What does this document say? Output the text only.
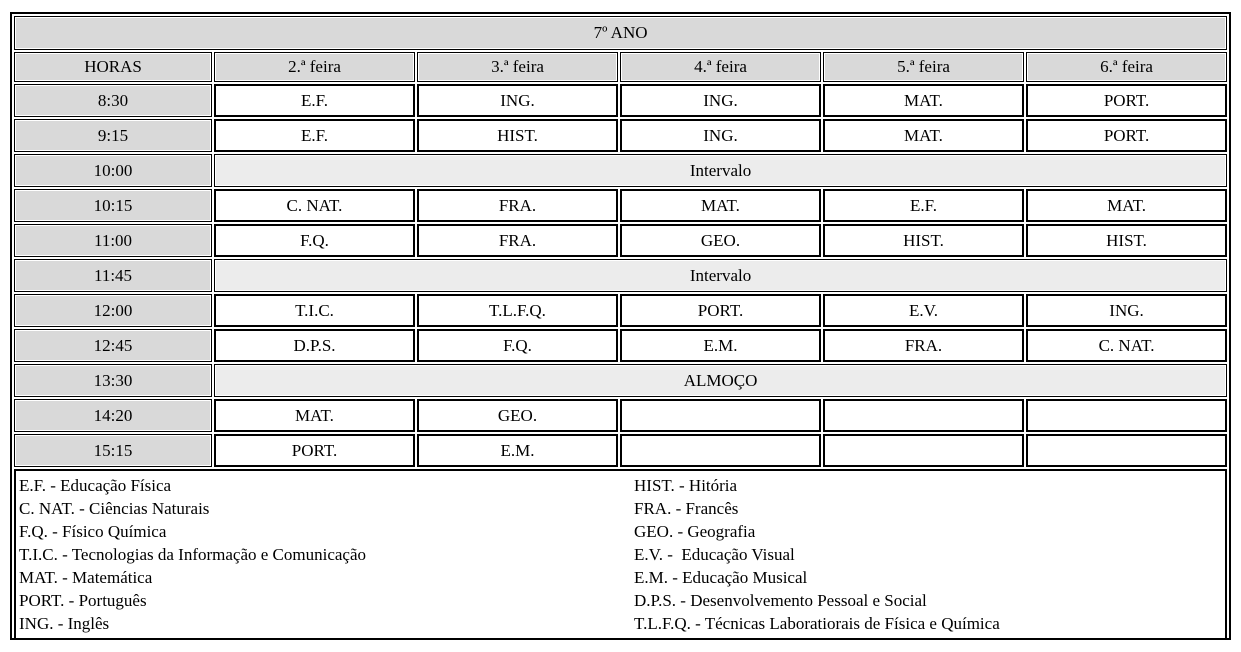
7º ANO					
HORAS	2.ª feira	3.ª feira	4.ª feira	5.ª feira	6.ª feira
8:30	E.F.	ING.	ING.	MAT.	PORT.
9:15	E.F.	HIST.	ING.	MAT.	PORT.
10:00	Intervalo				
10:15	C. NAT.	FRA.	MAT.	E.F.	MAT.
11:00	F.Q.	FRA.	GEO.	HIST.	HIST.
11:45	Intervalo				
12:00	T.I.C.	T.L.F.Q.	PORT.	E.V.	ING.
12:45	D.P.S.	F.Q.	E.M.	FRA.	C. NAT.
13:30	ALMOÇO				
14:20	MAT.	GEO.			
15:15	PORT.	E.M.			

E.F. - Educação Física
C. NAT. - Ciências Naturais
F.Q. - Físico Química
T.I.C. - Tecnologias da Informação e Comunicação
MAT. - Matemática
PORT. - Português
ING. - Inglês
HIST. - Hitória
FRA. - Francês
GEO. - Geografia
E.V. -  Educação Visual
E.M. - Educação Musical
D.P.S. - Desenvolvemento Pessoal e Social
T.L.F.Q. - Técnicas Laboratiorais de Física e Química
